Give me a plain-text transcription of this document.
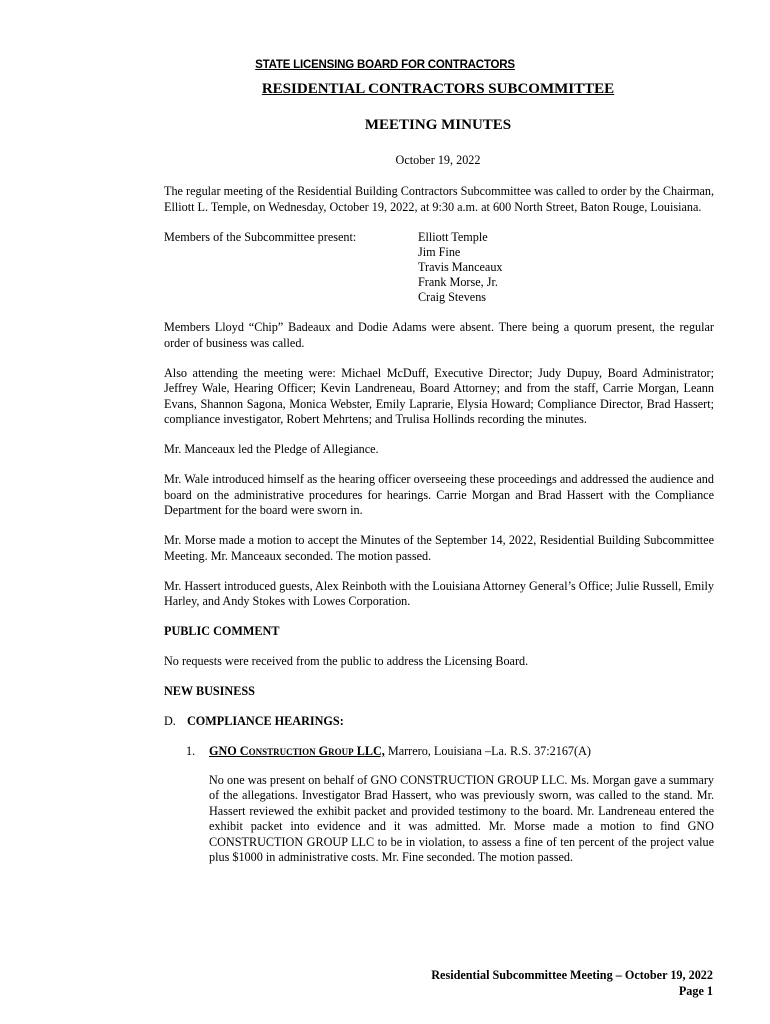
STATE LICENSING BOARD FOR CONTRACTORS
RESIDENTIAL CONTRACTORS SUBCOMMITTEE
MEETING MINUTES
October 19, 2022

The regular meeting of the Residential Building Contractors Subcommittee was called to order by the Chairman, Elliott L. Temple, on Wednesday, October 19, 2022, at 9:30 a.m. at 600 North Street, Baton Rouge, Louisiana.

Members of the Subcommittee present:	Elliott Temple
Jim Fine
Travis Manceaux
Frank Morse, Jr.
Craig Stevens

Members Lloyd “Chip” Badeaux and Dodie Adams were absent. There being a quorum present, the regular order of business was called.

Also attending the meeting were: Michael McDuff, Executive Director; Judy Dupuy, Board Administrator; Jeffrey Wale, Hearing Officer; Kevin Landreneau, Board Attorney; and from the staff, Carrie Morgan, Leann Evans, Shannon Sagona, Monica Webster, Emily Laprarie, Elysia Howard; Compliance Director, Brad Hassert; compliance investigator, Robert Mehrtens; and Trulisa Hollinds recording the minutes.

Mr. Manceaux led the Pledge of Allegiance.

Mr. Wale introduced himself as the hearing officer overseeing these proceedings and addressed the audience and board on the administrative procedures for hearings. Carrie Morgan and Brad Hassert with the Compliance Department for the board were sworn in.

Mr. Morse made a motion to accept the Minutes of the September 14, 2022, Residential Building Subcommittee Meeting. Mr. Manceaux seconded. The motion passed.

Mr. Hassert introduced guests, Alex Reinboth with the Louisiana Attorney General’s Office; Julie Russell, Emily Harley, and Andy Stokes with Lowes Corporation.

PUBLIC COMMENT

No requests were received from the public to address the Licensing Board.

NEW BUSINESS
D. COMPLIANCE HEARINGS:
1.	GNO Construction Group LLC, Marrero, Louisiana –La. R.S. 37:2167(A)

No one was present on behalf of GNO CONSTRUCTION GROUP LLC. Ms. Morgan gave a summary of the allegations. Investigator Brad Hassert, who was previously sworn, was called to the stand. Mr. Hassert reviewed the exhibit packet and provided testimony to the board. Mr. Landreneau entered the exhibit packet into evidence and it was admitted. Mr. Morse made a motion to find GNO CONSTRUCTION GROUP LLC to be in violation, to assess a fine of ten percent of the project value plus $1000 in administrative costs. Mr. Fine seconded. The motion passed.

Residential Subcommittee Meeting – October 19, 2022
Page 1
